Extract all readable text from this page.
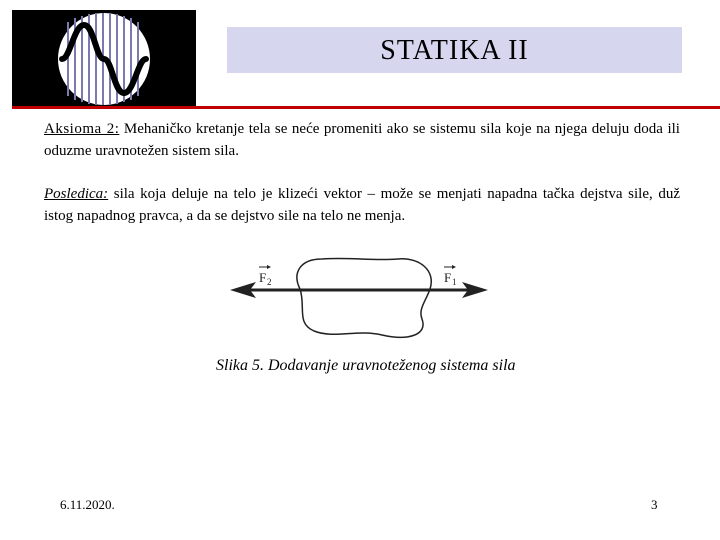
STATIKA II
Aksioma 2: Mehaničko kretanje tela se neće promeniti ako se sistemu sila koje na njega deluju doda ili oduzme uravnotežen sistem sila.
Posledica: sila koja deluje na telo je klizeći vektor – može se menjati napadna tačka dejstva sile, duž istog napadnog pravca, a da se dejstvo sile na telo ne menja.
F 2	F 1
Slika 5. Dodavanje uravnoteženog sistema sila
6.11.2020.	3
